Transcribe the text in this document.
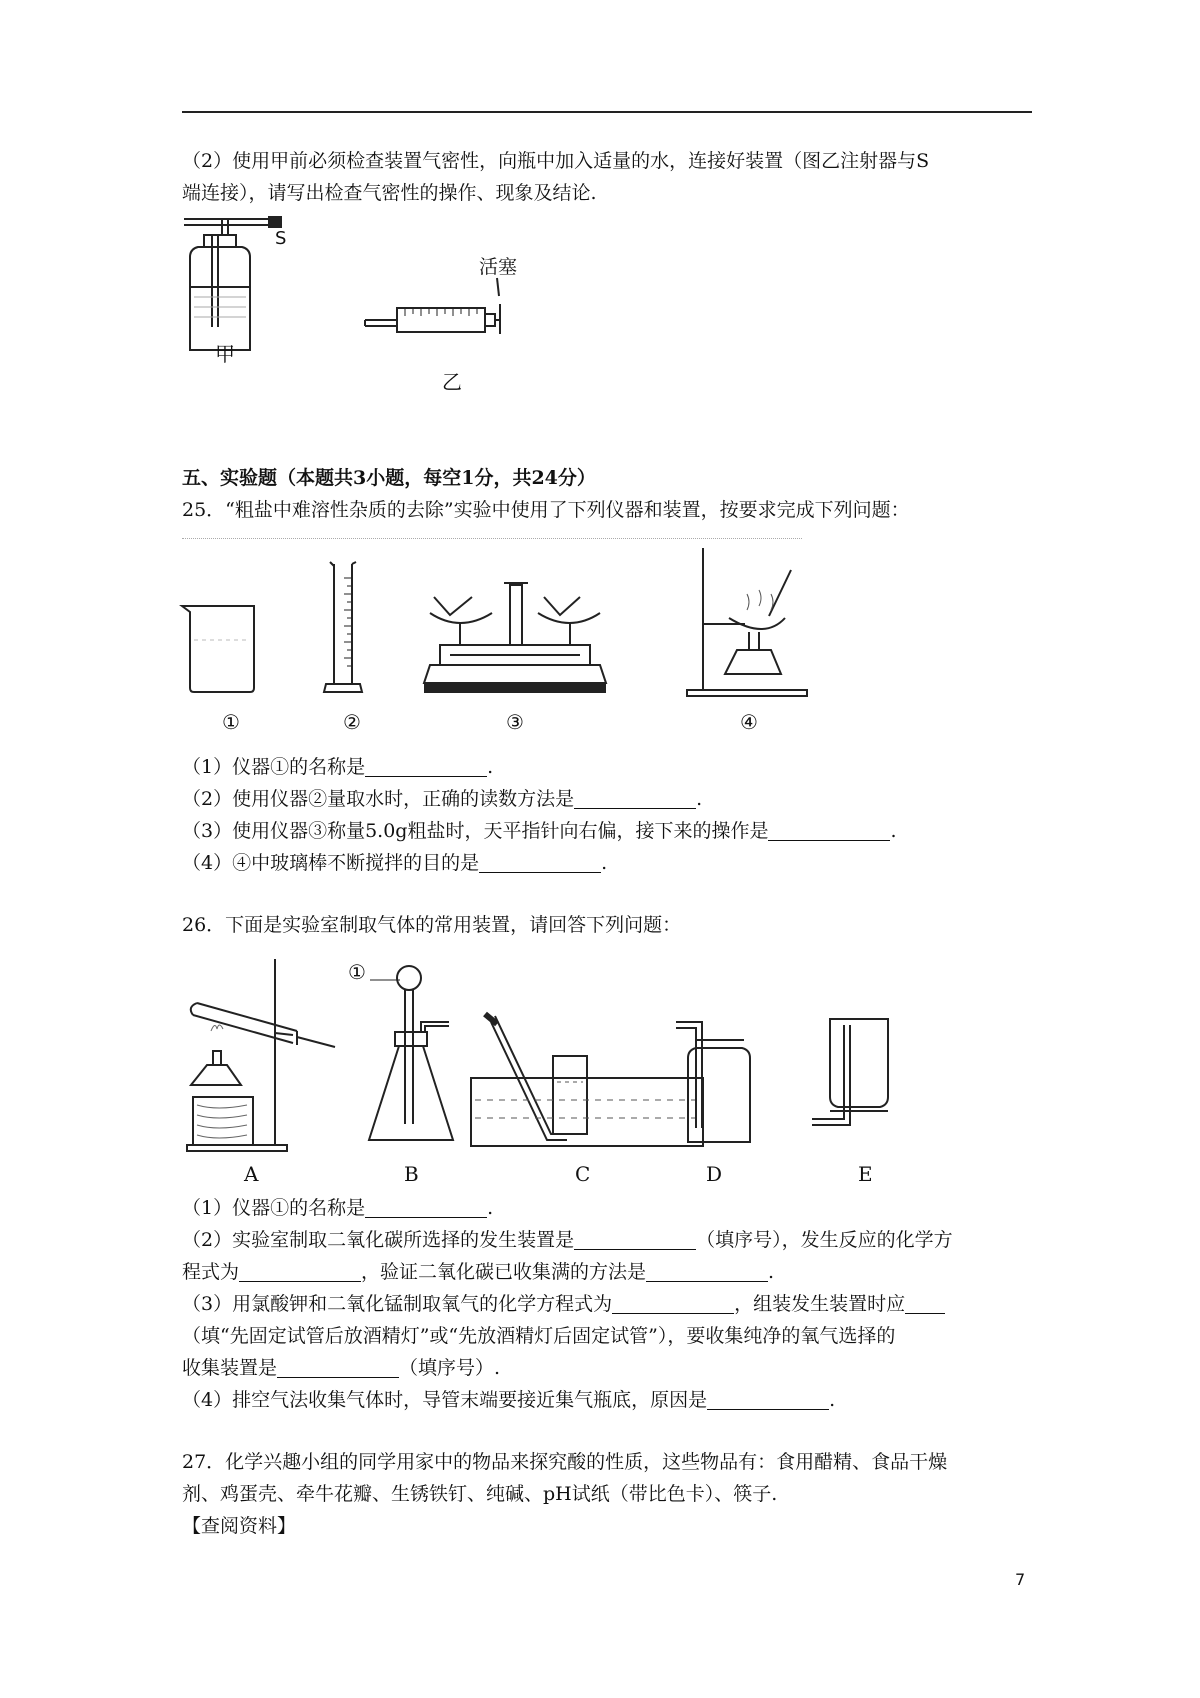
（2）使用甲前必须检查装置气密性，向瓶中加入适量的水，连接好装置（图乙注射器与S
端连接），请写出检查气密性的操作、现象及结论.
S
甲
活塞
乙
五、实验题（本题共3小题，每空1分，共24分）
25．“粗盐中难溶性杂质的去除”实验中使用了下列仪器和装置，按要求完成下列问题：
①	②	③	④
（1）仪器①的名称是	.
（2）使用仪器②量取水时，正确的读数方法是	.
（3）使用仪器③称量5.0g粗盐时，天平指针向右偏，接下来的操作是	.
（4）④中玻璃棒不断搅拌的目的是	.
26．下面是实验室制取气体的常用装置，请回答下列问题：
A	B
①
C	D	E
（1）仪器①的名称是	.
（2）实验室制取二氧化碳所选择的发生装置是	（填序号），发生反应的化学方
程式为	，验证二氧化碳已收集满的方法是	.
（3）用氯酸钾和二氧化锰制取氧气的化学方程式为	，组装发生装置时应
（填“先固定试管后放酒精灯”或“先放酒精灯后固定试管”），要收集纯净的氧气选择的
收集装置是	（填序号）.
（4）排空气法收集气体时，导管末端要接近集气瓶底，原因是	.
27．化学兴趣小组的同学用家中的物品来探究酸的性质，这些物品有：食用醋精、食品干燥
剂、鸡蛋壳、牵牛花瓣、生锈铁钉、纯碱、pH试纸（带比色卡）、筷子.
【查阅资料】
7
